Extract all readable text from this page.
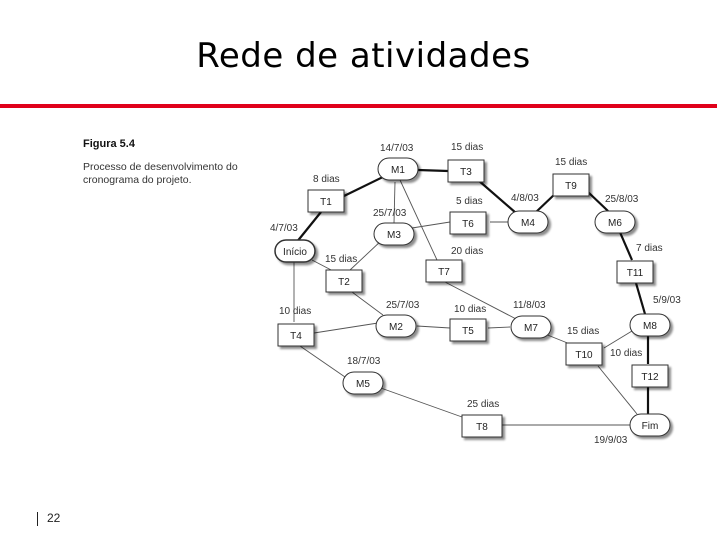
Rede de atividades
Figura 5.4
Processo de desenvolvimento do cronograma do projeto.
Início
M1
M3
M4	M6
M2	M7	M8
M5
Fim
T1
T3
T9
T6
T2
T7	T11
T4	T5
T10
T12
T8
4/7/03
14/7/03
25/7/03
4/8/03	25/8/03
25/7/03	11/8/03	5/9/03
18/7/03
19/9/03
8 dias
15 dias
15 dias
5 dias
15 dias
20 dias	7 dias
10 dias	10 dias
15 dias
10 dias
25 dias
22
